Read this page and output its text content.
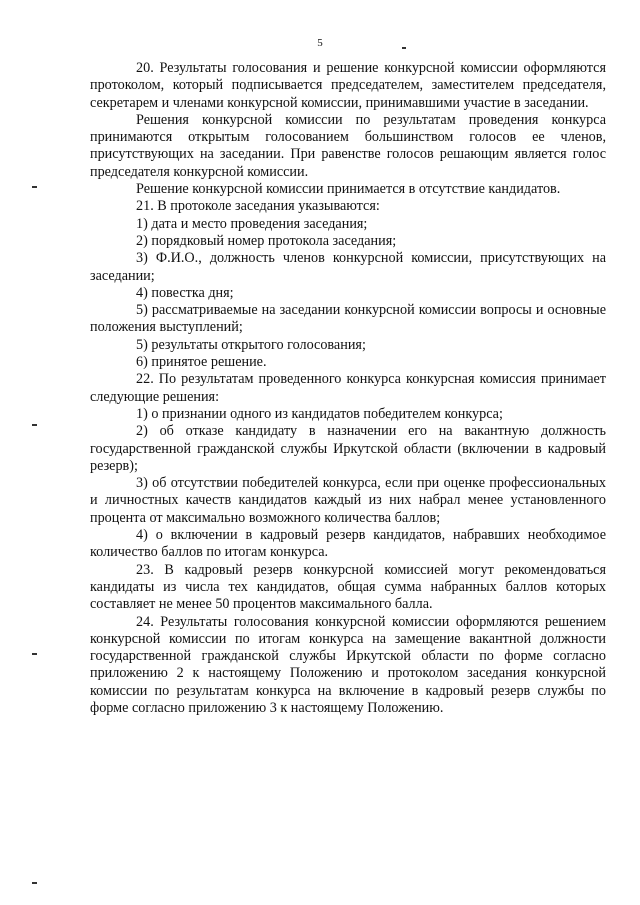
5

20. Результаты голосования и решение конкурсной комиссии оформляются протоколом, который подписывается председателем, заместителем председателя, секретарем и членами конкурсной комиссии, принимавшими участие в заседании.

Решения конкурсной комиссии по результатам проведения конкурса принимаются открытым голосованием большинством голосов ее членов, присутствующих на заседании. При равенстве голосов решающим является голос председателя конкурсной комиссии.

Решение конкурсной комиссии принимается в отсутствие кандидатов.

21. В протоколе заседания указываются:

1) дата и место проведения заседания;

2) порядковый номер протокола заседания;

3) Ф.И.О., должность членов конкурсной комиссии, присутствующих на заседании;

4) повестка дня;

5) рассматриваемые на заседании конкурсной комиссии вопросы и основные положения выступлений;

5) результаты открытого голосования;

6) принятое решение.

22. По результатам проведенного конкурса конкурсная комиссия принимает следующие решения:

1) о признании одного из кандидатов победителем конкурса;

2) об отказе кандидату в назначении его на вакантную должность государственной гражданской службы Иркутской области (включении в кадровый резерв);

3) об отсутствии победителей конкурса, если при оценке профессиональных и личностных качеств кандидатов каждый из них набрал менее установленного процента от максимально возможного количества баллов;

4) о включении в кадровый резерв кандидатов, набравших необходимое количество баллов по итогам конкурса.

23. В кадровый резерв конкурсной комиссией могут рекомендоваться кандидаты из числа тех кандидатов, общая сумма набранных баллов которых составляет не менее 50 процентов максимального балла.

24. Результаты голосования конкурсной комиссии оформляются решением конкурсной комиссии по итогам конкурса на замещение вакантной должности государственной гражданской службы Иркутской области по форме согласно приложению 2 к настоящему Положению и протоколом заседания конкурсной комиссии по результатам конкурса на включение в кадровый резерв службы по форме согласно приложению 3 к настоящему Положению.
